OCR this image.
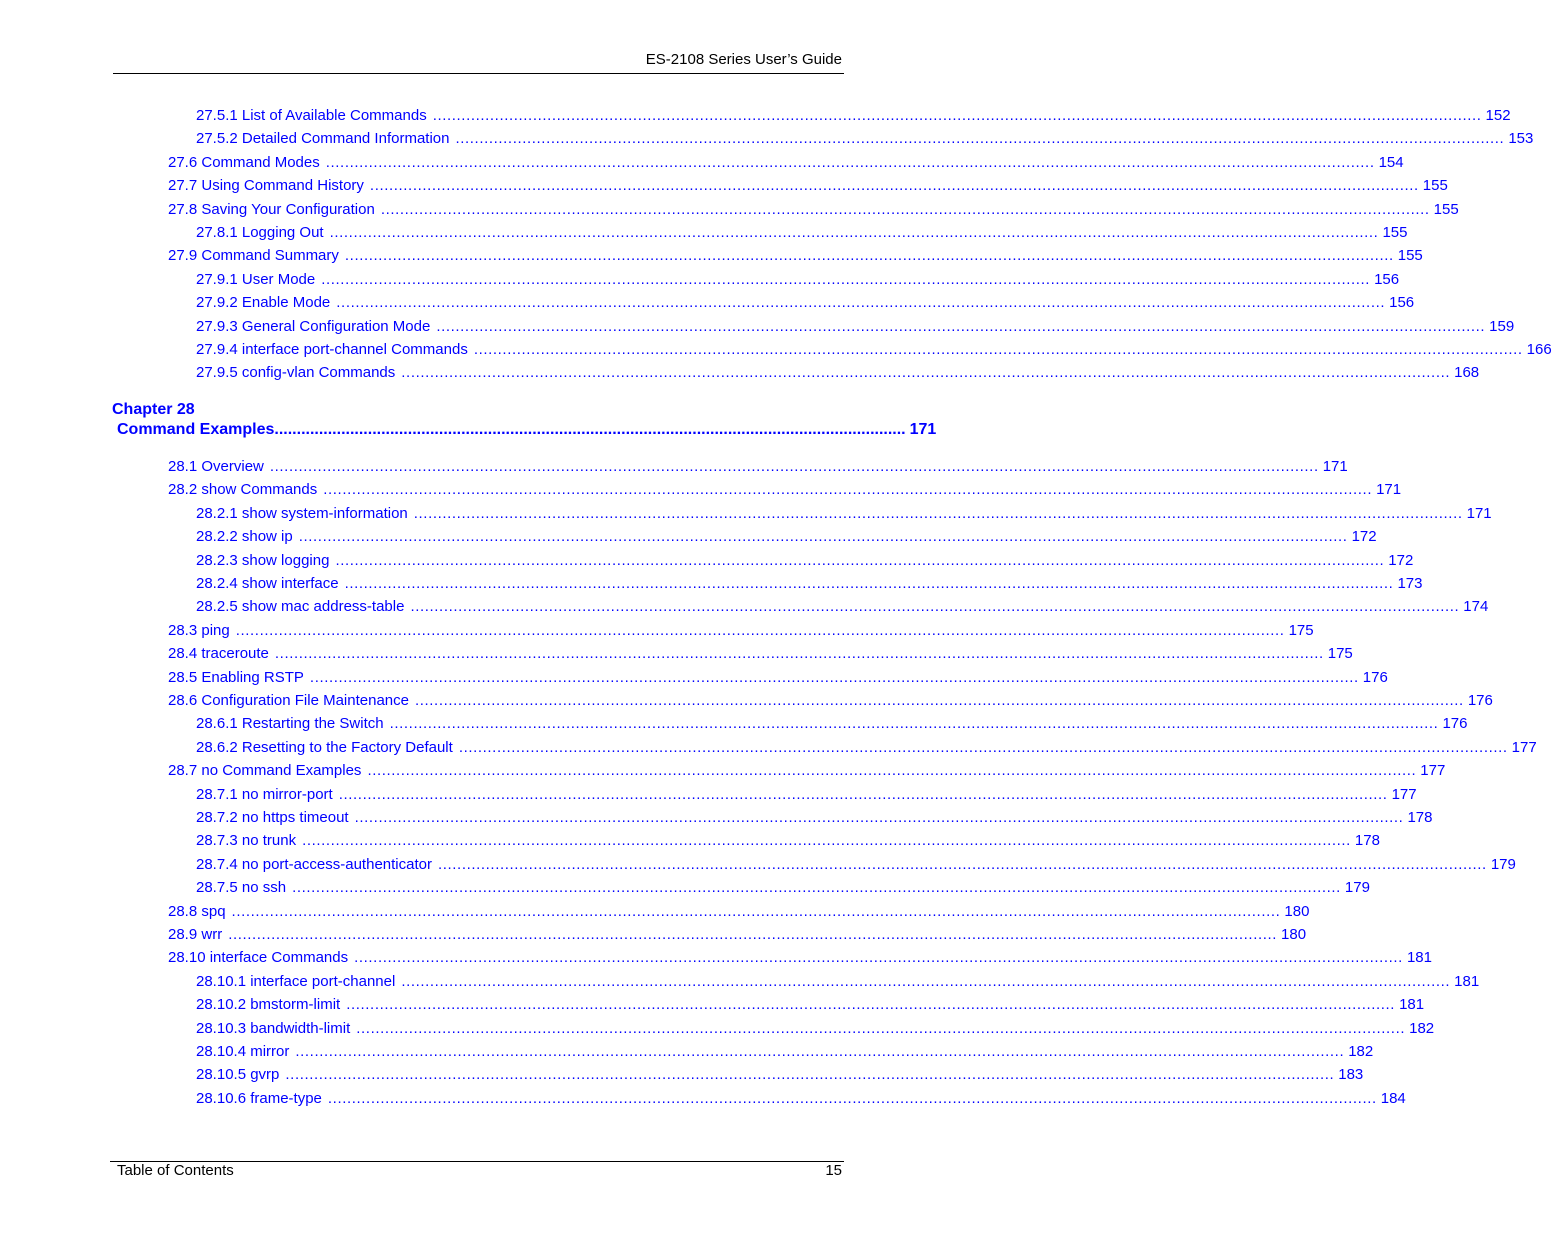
ES-2108 Series User’s Guide
27.5.1 List of Available Commands ............................................................................................................................................................................................................................ 152
27.5.2 Detailed Command Information ............................................................................................................................................................................................................................ 153
27.6 Command Modes ............................................................................................................................................................................................................................ 154
27.7 Using Command History ............................................................................................................................................................................................................................ 155
27.8 Saving Your Configuration ............................................................................................................................................................................................................................ 155
27.8.1 Logging Out ............................................................................................................................................................................................................................ 155
27.9 Command Summary ............................................................................................................................................................................................................................ 155
27.9.1 User Mode ............................................................................................................................................................................................................................ 156
27.9.2 Enable Mode ............................................................................................................................................................................................................................ 156
27.9.3 General Configuration Mode ............................................................................................................................................................................................................................ 159
27.9.4 interface port-channel Commands ............................................................................................................................................................................................................................ 166
27.9.5 config-vlan Commands ............................................................................................................................................................................................................................ 168
Chapter 28
Command Examples .............................................................................................................................................. 171
28.1 Overview ............................................................................................................................................................................................................................ 171
28.2 show Commands ............................................................................................................................................................................................................................ 171
28.2.1 show system-information ............................................................................................................................................................................................................................ 171
28.2.2 show ip ............................................................................................................................................................................................................................ 172
28.2.3 show logging ............................................................................................................................................................................................................................ 172
28.2.4 show interface ............................................................................................................................................................................................................................ 173
28.2.5 show mac address-table ............................................................................................................................................................................................................................ 174
28.3 ping ............................................................................................................................................................................................................................ 175
28.4 traceroute ............................................................................................................................................................................................................................ 175
28.5 Enabling RSTP ............................................................................................................................................................................................................................ 176
28.6 Configuration File Maintenance ............................................................................................................................................................................................................................ 176
28.6.1 Restarting the Switch ............................................................................................................................................................................................................................ 176
28.6.2 Resetting to the Factory Default ............................................................................................................................................................................................................................ 177
28.7 no Command Examples ............................................................................................................................................................................................................................ 177
28.7.1 no mirror-port ............................................................................................................................................................................................................................ 177
28.7.2 no https timeout ............................................................................................................................................................................................................................ 178
28.7.3 no trunk ............................................................................................................................................................................................................................ 178
28.7.4 no port-access-authenticator ............................................................................................................................................................................................................................ 179
28.7.5 no ssh ............................................................................................................................................................................................................................ 179
28.8 spq ............................................................................................................................................................................................................................ 180
28.9 wrr ............................................................................................................................................................................................................................ 180
28.10 interface Commands ............................................................................................................................................................................................................................ 181
28.10.1 interface port-channel ............................................................................................................................................................................................................................ 181
28.10.2 bmstorm-limit ............................................................................................................................................................................................................................ 181
28.10.3 bandwidth-limit ............................................................................................................................................................................................................................ 182
28.10.4 mirror ............................................................................................................................................................................................................................ 182
28.10.5 gvrp ............................................................................................................................................................................................................................ 183
28.10.6 frame-type ............................................................................................................................................................................................................................ 184
Table of Contents	15
